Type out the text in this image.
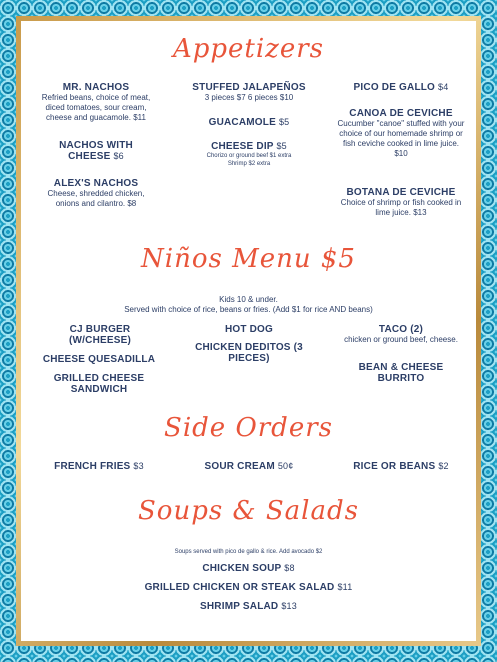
Appetizers
MR. NACHOS
Refried beans, choice of meat, diced tomatoes, sour cream, cheese and guacamole. $11
NACHOS WITH CHEESE $6
ALEX'S NACHOS
Cheese, shredded chicken, onions and cilantro. $8
STUFFED JALAPEÑOS
3 pieces $7 6 pieces $10
GUACAMOLE $5
CHEESE DIP $5
Chorizo or ground beef $1 extra
Shrimp $2 extra
PICO DE GALLO $4
CANOA DE CEVICHE
Cucumber "canoe" stuffed with your choice of our homemade shrimp or fish ceviche cooked in lime juice. $10
BOTANA DE CEVICHE
Choice of shrimp or fish cooked in lime juice. $13
Niños Menu $5
Kids 10 & under.
Served with choice of rice, beans or fries. (Add $1 for rice AND beans)
CJ BURGER (W/CHEESE)
CHEESE QUESADILLA
GRILLED CHEESE SANDWICH
HOT DOG
CHICKEN DEDITOS (3 PIECES)
TACO (2)
chicken or ground beef, cheese.
BEAN & CHEESE BURRITO
Side Orders
FRENCH FRIES $3	SOUR CREAM 50¢	RICE OR BEANS $2
Soups & Salads
Soups served with pico de gallo & rice. Add avocado $2
CHICKEN SOUP $8
GRILLED CHICKEN OR STEAK SALAD $11
SHRIMP SALAD $13
